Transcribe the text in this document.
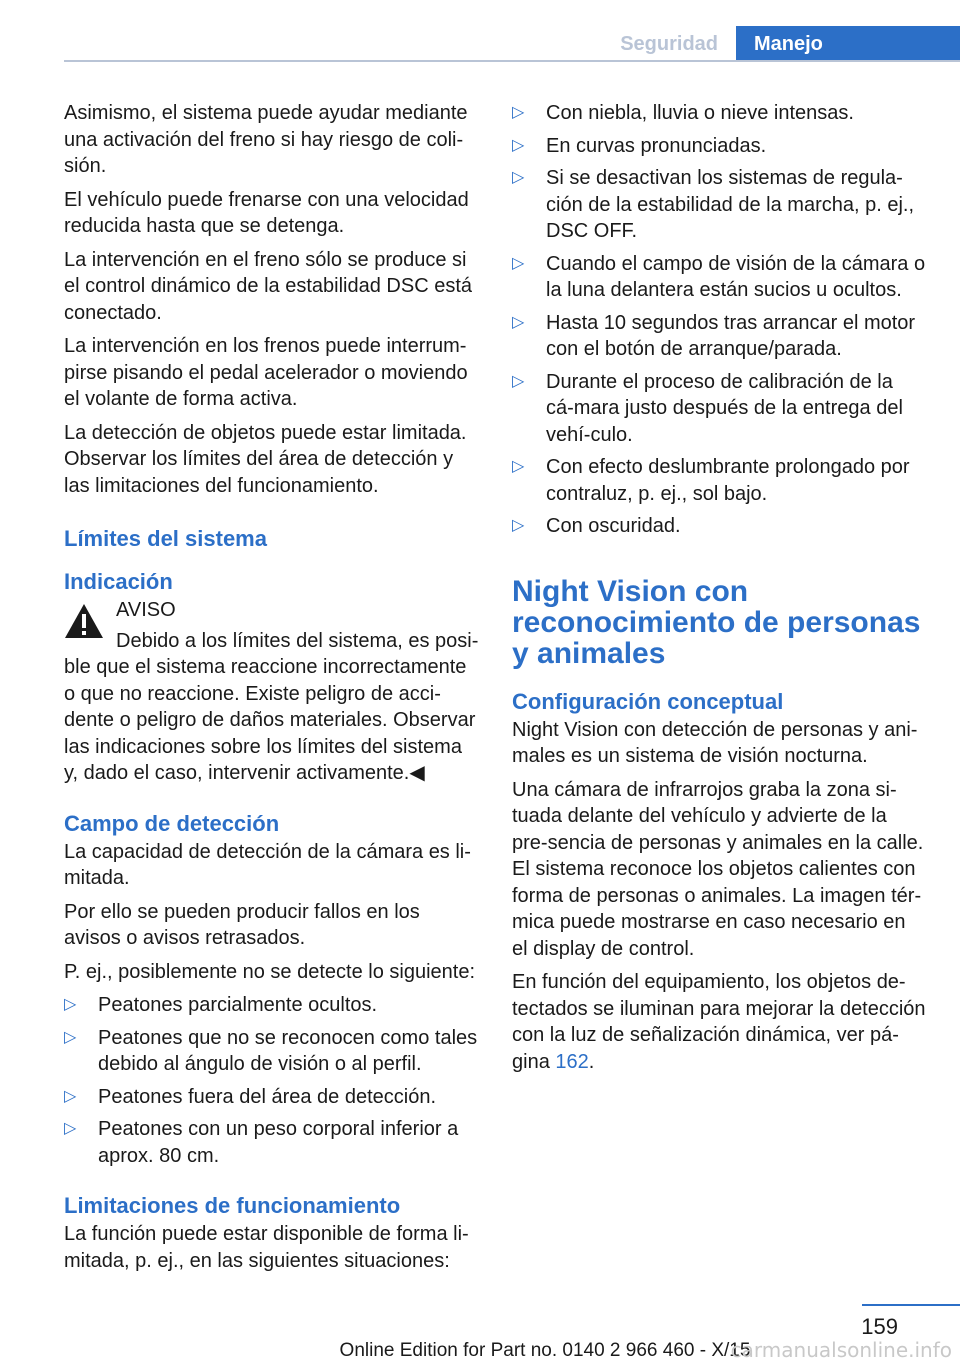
Seguridad	Manejo

Asimismo, el sistema puede ayudar mediante una activación del freno si hay riesgo de coli‐sión.

El vehículo puede frenarse con una velocidad reducida hasta que se detenga.

La intervención en el freno sólo se produce si el control dinámico de la estabilidad DSC está conectado.

La intervención en los frenos puede interrum‐pirse pisando el pedal acelerador o moviendo el volante de forma activa.

La detección de objetos puede estar limitada. Observar los límites del área de detección y las limitaciones del funcionamiento.

Límites del sistema
Indicación

AVISO

Debido a los límites del sistema, es posi‐ble que el sistema reaccione incorrectamente o que no reaccione. Existe peligro de acci‐dente o peligro de daños materiales. Observar las indicaciones sobre los límites del sistema y, dado el caso, intervenir activamente.◀

Campo de detección

La capacidad de detección de la cámara es li‐mitada.

Por ello se pueden producir fallos en los avisos o avisos retrasados.

P. ej., posiblemente no se detecte lo siguiente:

▷ Peatones parcialmente ocultos.
▷ Peatones que no se reconocen como tales debido al ángulo de visión o al perfil.
▷ Peatones fuera del área de detección.
▷ Peatones con un peso corporal inferior a aprox. 80 cm.
Limitaciones de funcionamiento

La función puede estar disponible de forma li‐mitada, p. ej., en las siguientes situaciones:

▷ Con niebla, lluvia o nieve intensas.
▷ En curvas pronunciadas.
▷ Si se desactivan los sistemas de regula‐ción de la estabilidad de la marcha, p. ej., DSC OFF.
▷ Cuando el campo de visión de la cámara o la luna delantera están sucios u ocultos.
▷ Hasta 10 segundos tras arrancar el motor con el botón de arranque/parada.
▷ Durante el proceso de calibración de la cá‐mara justo después de la entrega del vehí‐culo.
▷ Con efecto deslumbrante prolongado por contraluz, p. ej., sol bajo.
▷ Con oscuridad.
Night Vision con reconocimiento de personas y animales
Configuración conceptual

Night Vision con detección de personas y ani‐males es un sistema de visión nocturna.

Una cámara de infrarrojos graba la zona si‐tuada delante del vehículo y advierte de la pre‐sencia de personas y animales en la calle. El sistema reconoce los objetos calientes con forma de personas o animales. La imagen tér‐mica puede mostrarse en caso necesario en el display de control.

En función del equipamiento, los objetos de‐tectados se iluminan para mejorar la detección con la luz de señalización dinámica, ver pá‐gina 162.

159
Online Edition for Part no. 0140 2 966 460 - X/15
carmanualsonline.info
